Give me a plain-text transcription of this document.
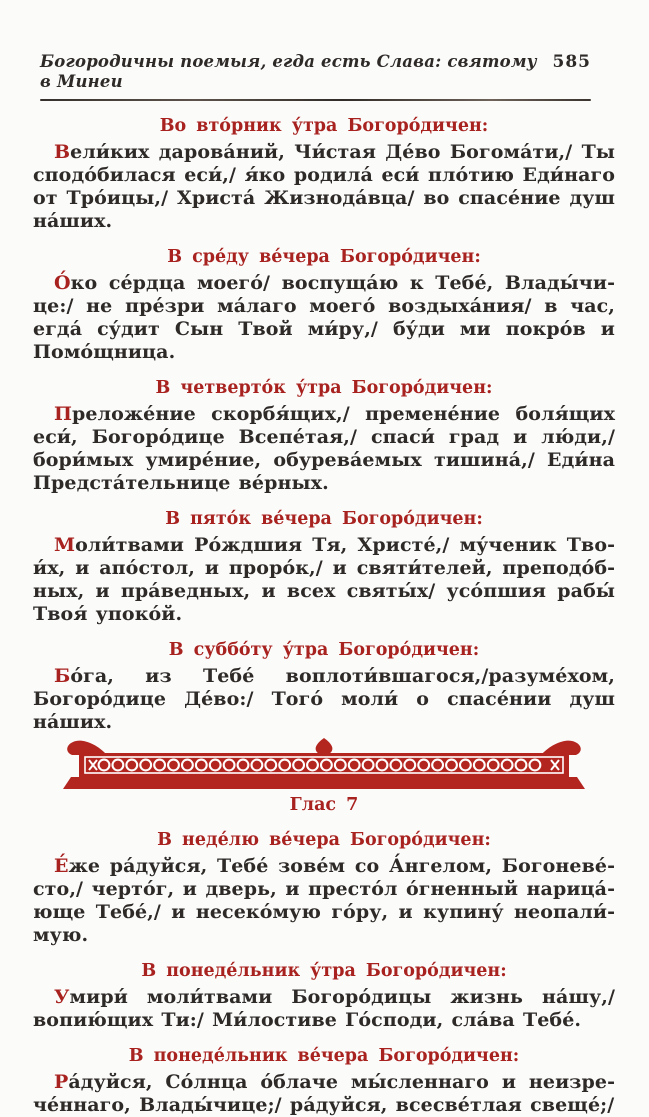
Богородичны поемыя, егда есть Слава: святому в Минеи
585
Во вто́рник у́тра Богоро́дичен:

Вели́ких дарова́ний, Чи́стая Де́во Богома́ти,/ Ты сподо́билася еси́,/ я́ко родила́ еси́ пло́тию Еди́наго от Тро́ицы,/ Христа́ Жизнода́вца/ во спасе́ние душ на́ших.

В сре́ду ве́чера Богоро́дичен:

О́ко се́рдца моего́/ воспуща́ю к Тебе́, Влады́чице:/ не пре́зри ма́лаго моего́ воздыха́ния/ в час, егда́ су́дит Сын Твой ми́ру,/ бу́ди ми покро́в и Помо́щница.

В четверто́к у́тра Богоро́дичен:

Преложе́ние скорбя́щих,/ премене́ние боля́щих еси́, Богоро́дице Всепе́тая,/ спаси́ град и лю́ди,/ бори́мых умире́ние, обурева́емых тишина́,/ Еди́на Предста́тельнице ве́рных.

В пято́к ве́чера Богоро́дичен:

Моли́твами Ро́ждшия Тя, Христе́,/ му́ченик Твои́х, и апо́стол, и проро́к,/ и святи́телей, преподо́бных, и пра́ведных, и всех святы́х/ усо́пшия рабы́ Твоя́ упоко́й.

В суббо́ту у́тра Богоро́дичен:

Бо́га, из Тебе́ воплоти́вшагося,/разуме́хом, Богоро́дице Де́во:/ Того́ моли́ о спасе́нии душ на́ших.

Глас 7
В неде́лю ве́чера Богоро́дичен:

Е́же ра́дуйся, Тебе́ зове́м со А́нгелом, Богоневе́сто,/ черто́г, и дверь, и престо́л о́гненный нарица́юще Тебе́,/ и несеко́мую го́ру, и купину́ неопали́мую.

В понеде́льник у́тра Богоро́дичен:

Умири́ моли́твами Богоро́дицы жизнь на́шу,/ вопию́щих Ти:/ Ми́лостиве Го́споди, сла́ва Тебе́.

В понеде́льник ве́чера Богоро́дичен:

Ра́дуйся, Со́лнца о́блаче мы́сленнаго и неизрече́ннаго, Влады́чице;/ ра́дуйся, всесве́тлая свеще́;/
